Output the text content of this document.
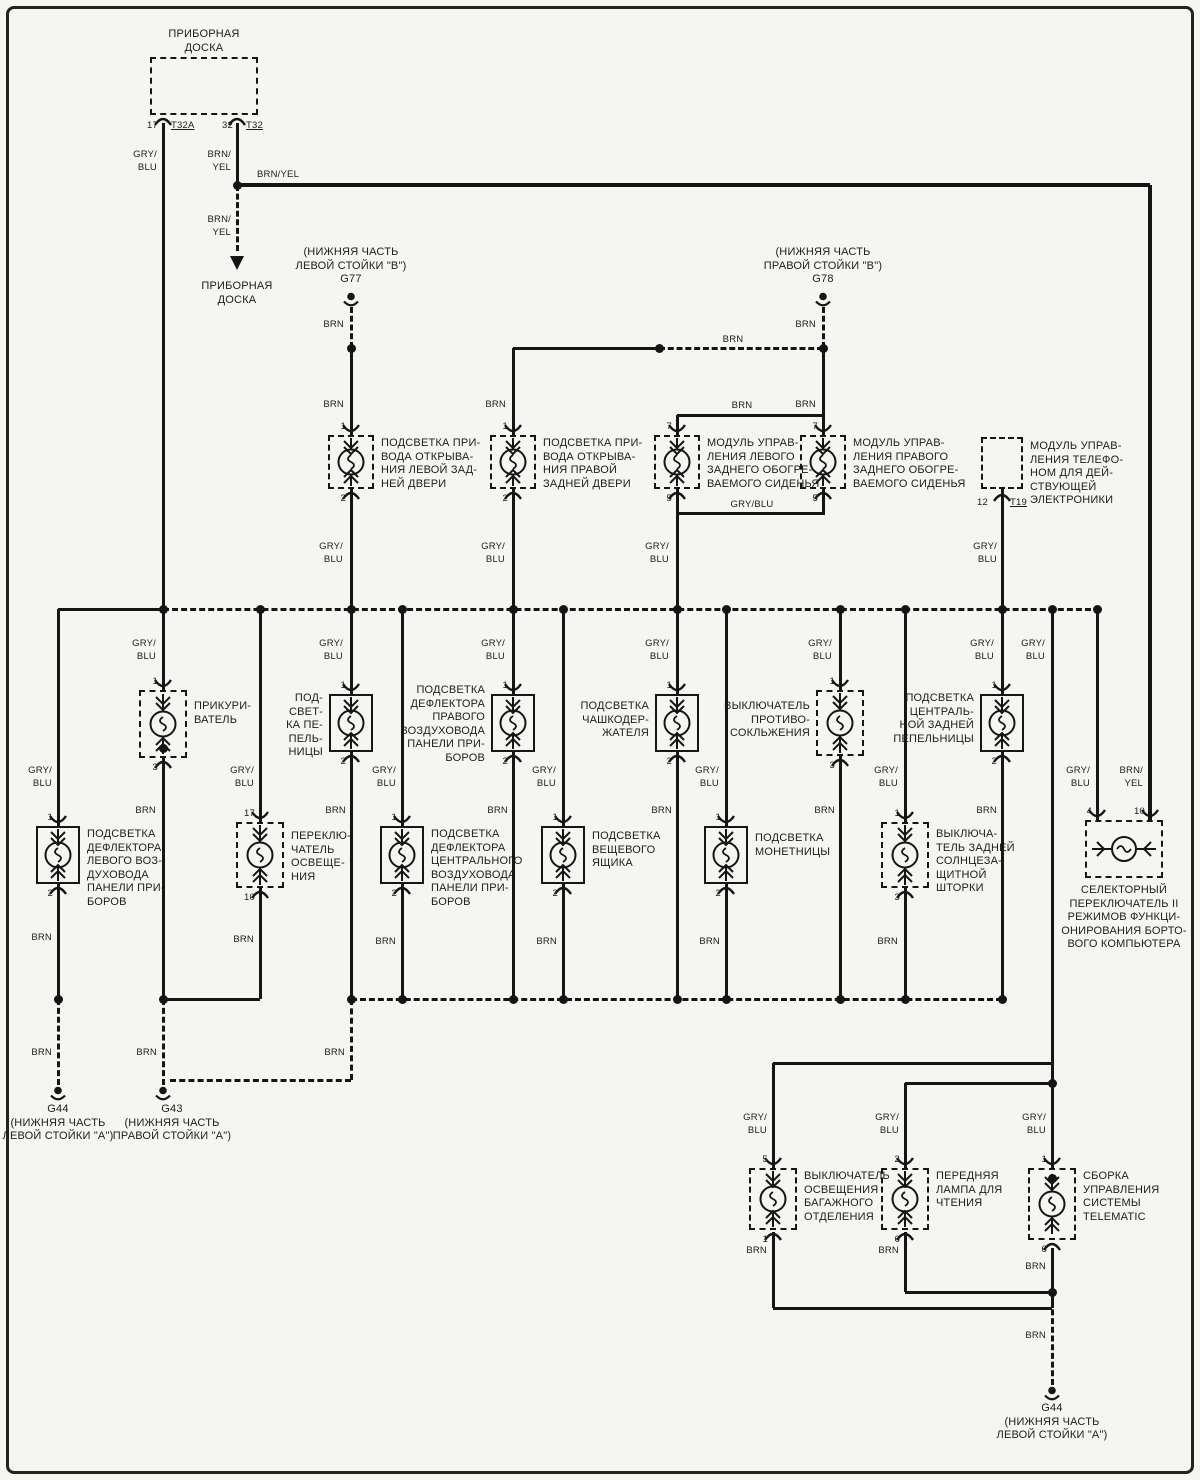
ПРИБОРНАЯ
ДОСКА
ПРИБОРНАЯ
ДОСКА
(НИЖНЯЯ ЧАСТЬ
ЛЕВОЙ СТОЙКИ "B")
G77
(НИЖНЯЯ ЧАСТЬ
ПРАВОЙ СТОЙКИ "B")
G78
G44
(НИЖНЯЯ ЧАСТЬ
ЛЕВОЙ СТОЙКИ "А")
G43
(НИЖНЯЯ ЧАСТЬ
ПРАВОЙ СТОЙКИ "А")
G44
(НИЖНЯЯ ЧАСТЬ
ЛЕВОЙ СТОЙКИ "А")
17 T32A	32 T32
12 T19
GRY/
BLU
BRN/
YEL
BRN/YEL
BRN/
YEL
BRN	BRN
BRN
BRN	BRN	BRN
BRN
GRY/BLU
GRY/
BLU
GRY/
BLU
GRY/
BLU
GRY/
BLU
GRY/
BLU
GRY/
BLU
GRY/
BLU
GRY/
BLU
GRY/
BLU
GRY/
BLU
GRY/
BLU
GRY/
BLU
GRY/
BLU
GRY/
BLU
GRY/
BLU
GRY/
BLU
GRY/
BLU
GRY/
BLU
BRN/
YEL
BRN	BRN	BRN	BRN	BRN	BRN
BRN	BRN	BRN	BRN	BRN	BRN
BRN	BRN	BRN
GRY/
BLU
GRY/
BLU
GRY/
BLU
BRN	BRN
BRN
BRN
1
2
ПОДСВЕТКА ПРИ-
ВОДА ОТКРЫВА-
НИЯ ЛЕВОЙ ЗАД-
НЕЙ ДВЕРИ
1
2
ПОДСВЕТКА ПРИ-
ВОДА ОТКРЫВА-
НИЯ ПРАВОЙ
ЗАДНЕЙ ДВЕРИ
7
5
МОДУЛЬ УПРАВ-
ЛЕНИЯ ЛЕВОГО
ЗАДНЕГО ОБОГРЕ-
ВАЕМОГО СИДЕНЬЯ
7
5
МОДУЛЬ УПРАВ-
ЛЕНИЯ ПРАВОГО
ЗАДНЕГО ОБОГРЕ-
ВАЕМОГО СИДЕНЬЯ
МОДУЛЬ УПРАВ-
ЛЕНИЯ ТЕЛЕФО-
НОМ ДЛЯ ДЕЙ-
СТВУЮЩЕЙ
ЭЛЕКТРОНИКИ
1
3
ПРИКУРИ-
ВАТЕЛЬ
1
2
ПОД-
СВЕТ-
КА ПЕ-
ПЕЛЬ-
НИЦЫ
1
2
ПОДСВЕТКА
ДЕФЛЕКТОРА
ПРАВОГО
ВОЗДУХОВОДА
ПАНЕЛИ ПРИ-
БОРОВ
1
2
ПОДСВЕТКА
ЧАШКОДЕР-
ЖАТЕЛЯ
1
3
ВЫКЛЮЧАТЕЛЬ
ПРОТИВО-
СОКЛЬЖЕНИЯ
1
2
ПОДСВЕТКА
ЦЕНТРАЛЬ-
НОЙ ЗАДНЕЙ
ПЕПЕЛЬНИЦЫ
1
2
ПОДСВЕТКА
ДЕФЛЕКТОРА
ЛЕВОГО ВОЗ-
ДУХОВОДА
ПАНЕЛИ ПРИ-
БОРОВ
17
10
ПЕРЕКЛЮ-
ЧАТЕЛЬ
ОСВЕЩЕ-
НИЯ
1
2
ПОДСВЕТКА
ДЕФЛЕКТОРА
ЦЕНТРАЛЬНОГО
ВОЗДУХОВОДА
ПАНЕЛИ ПРИ-
БОРОВ
1
2
ПОДСВЕТКА
ВЕЩЕВОГО
ЯЩИКА
1
2
ПОДСВЕТКА
МОНЕТНИЦЫ
1
3
ВЫКЛЮЧА-
ТЕЛЬ ЗАДНЕЙ
СОЛНЦЕЗА-
ЩИТНОЙ
ШТОРКИ
4	10
СЕЛЕКТОРНЫЙ
ПЕРЕКЛЮЧАТЕЛЬ II
РЕЖИМОВ ФУНКЦИ-
ОНИРОВАНИЯ БОРТО-
ВОГО КОМПЬЮТЕРА
5
1
ВЫКЛЮЧАТЕЛЬ
ОСВЕЩЕНИЯ
БАГАЖНОГО
ОТДЕЛЕНИЯ
2
6
ПЕРЕДНЯЯ
ЛАМПА ДЛЯ
ЧТЕНИЯ
1
6
СБОРКА
УПРАВЛЕНИЯ
СИСТЕМЫ
TELEMATIC
